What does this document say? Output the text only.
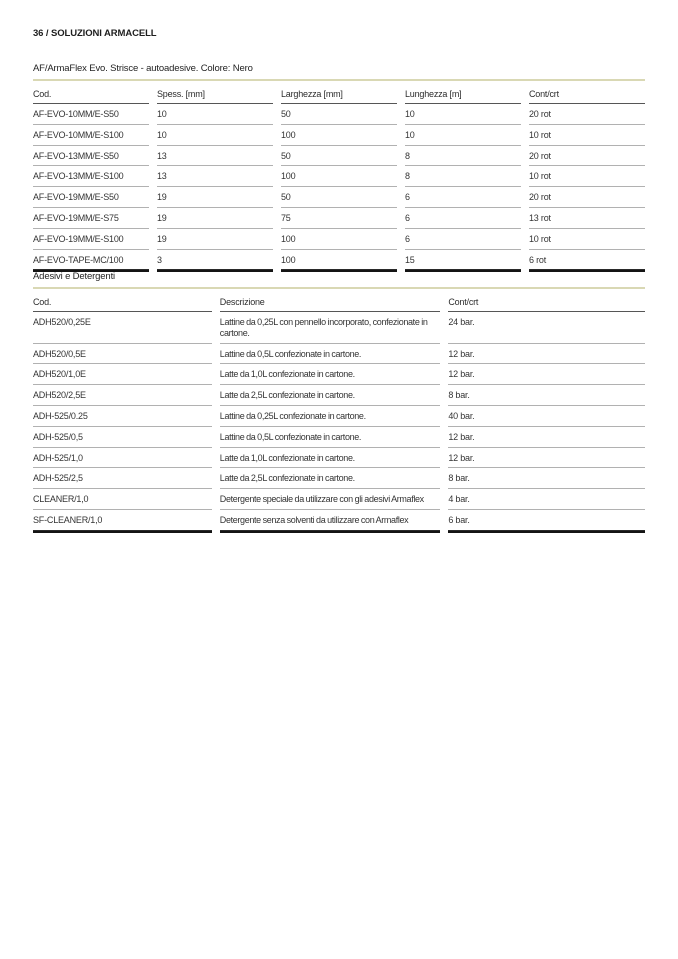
36 / SOLUZIONI ARMACELL
AF/ArmaFlex Evo. Strisce - autoadesive. Colore: Nero
Cod.	Spess. [mm]	Larghezza [mm]	Lunghezza [m]	Cont/crt
AF-EVO-10MM/E-S50	10	50	10	20 rot
AF-EVO-10MM/E-S100	10	100	10	10 rot
AF-EVO-13MM/E-S50	13	50	8	20 rot
AF-EVO-13MM/E-S100	13	100	8	10 rot
AF-EVO-19MM/E-S50	19	50	6	20 rot
AF-EVO-19MM/E-S75	19	75	6	13 rot
AF-EVO-19MM/E-S100	19	100	6	10 rot
AF-EVO-TAPE-MC/100	3	100	15	6 rot

Adesivi e Detergenti
Cod.	Descrizione	Cont/crt
ADH520/0,25E	Lattine da 0,25L con pennello incorporato, confezionate in cartone.	24 bar.
ADH520/0,5E	Lattine da 0,5L confezionate in cartone.	12 bar.
ADH520/1,0E	Latte da 1,0L confezionate in cartone.	12 bar.
ADH520/2,5E	Latte da 2,5L confezionate in cartone.	8 bar.
ADH-525/0.25	Lattine da 0,25L confezionate in cartone.	40 bar.
ADH-525/0,5	Lattine da 0,5L confezionate in cartone.	12 bar.
ADH-525/1,0	Latte da 1,0L confezionate in cartone.	12 bar.
ADH-525/2,5	Latte da 2,5L confezionate in cartone.	8 bar.
CLEANER/1,0	Detergente speciale da utilizzare con gli adesivi Armaflex	4 bar.
SF-CLEANER/1,0	Detergente senza solventi da utilizzare con Armaflex	6 bar.
